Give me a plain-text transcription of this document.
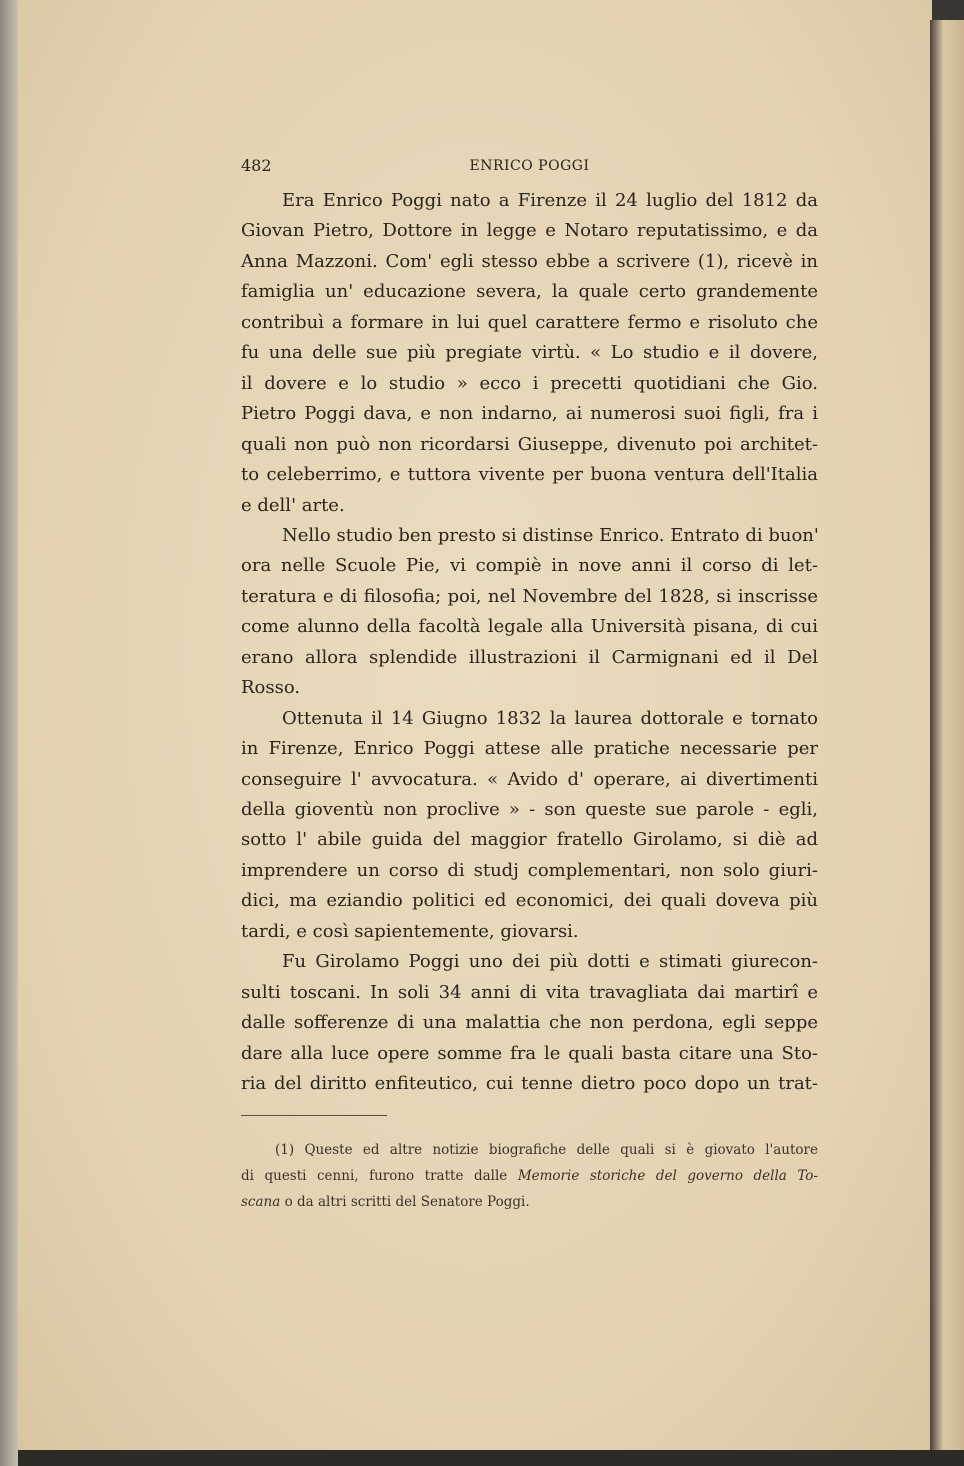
482	ENRICO POGGI
Era Enrico Poggi nato a Firenze il 24 luglio del 1812 da
Giovan Pietro, Dottore in legge e Notaro reputatissimo, e da
Anna Mazzoni. Com' egli stesso ebbe a scrivere (1), ricevè in
famiglia un' educazione severa, la quale certo grandemente
contribuì a formare in lui quel carattere fermo e risoluto che
fu una delle sue più pregiate virtù. « Lo studio e il dovere,
il dovere e lo studio » ecco i precetti quotidiani che Gio.
Pietro Poggi dava, e non indarno, ai numerosi suoi figli, fra i
quali non può non ricordarsi Giuseppe, divenuto poi architet-
to celeberrimo, e tuttora vivente per buona ventura dell'Italia
e dell' arte.
Nello studio ben presto si distinse Enrico. Entrato di buon'
ora nelle Scuole Pie, vi compiè in nove anni il corso di let-
teratura e di filosofia; poi, nel Novembre del 1828, si inscrisse
come alunno della facoltà legale alla Università pisana, di cui
erano allora splendide illustrazioni il Carmignani ed il Del
Rosso.
Ottenuta il 14 Giugno 1832 la laurea dottorale e tornato
in Firenze, Enrico Poggi attese alle pratiche necessarie per
conseguire l' avvocatura. « Avido d' operare, ai divertimenti
della gioventù non proclive » - son queste sue parole - egli,
sotto l' abile guida del maggior fratello Girolamo, si diè ad
imprendere un corso di studj complementari, non solo giuri-
dici, ma eziandio politici ed economici, dei quali doveva più
tardi, e così sapientemente, giovarsi.
Fu Girolamo Poggi uno dei più dotti e stimati giurecon-
sulti toscani. In soli 34 anni di vita travagliata dai martirî e
dalle sofferenze di una malattia che non perdona, egli seppe
dare alla luce opere somme fra le quali basta citare una Sto-
ria del diritto enfiteutico, cui tenne dietro poco dopo un trat-
(1) Queste ed altre notizie biografiche delle quali si è giovato l'autore
di questi cenni, furono tratte dalle Memorie storiche del governo della To-
scana o da altri scritti del Senatore Poggi.
